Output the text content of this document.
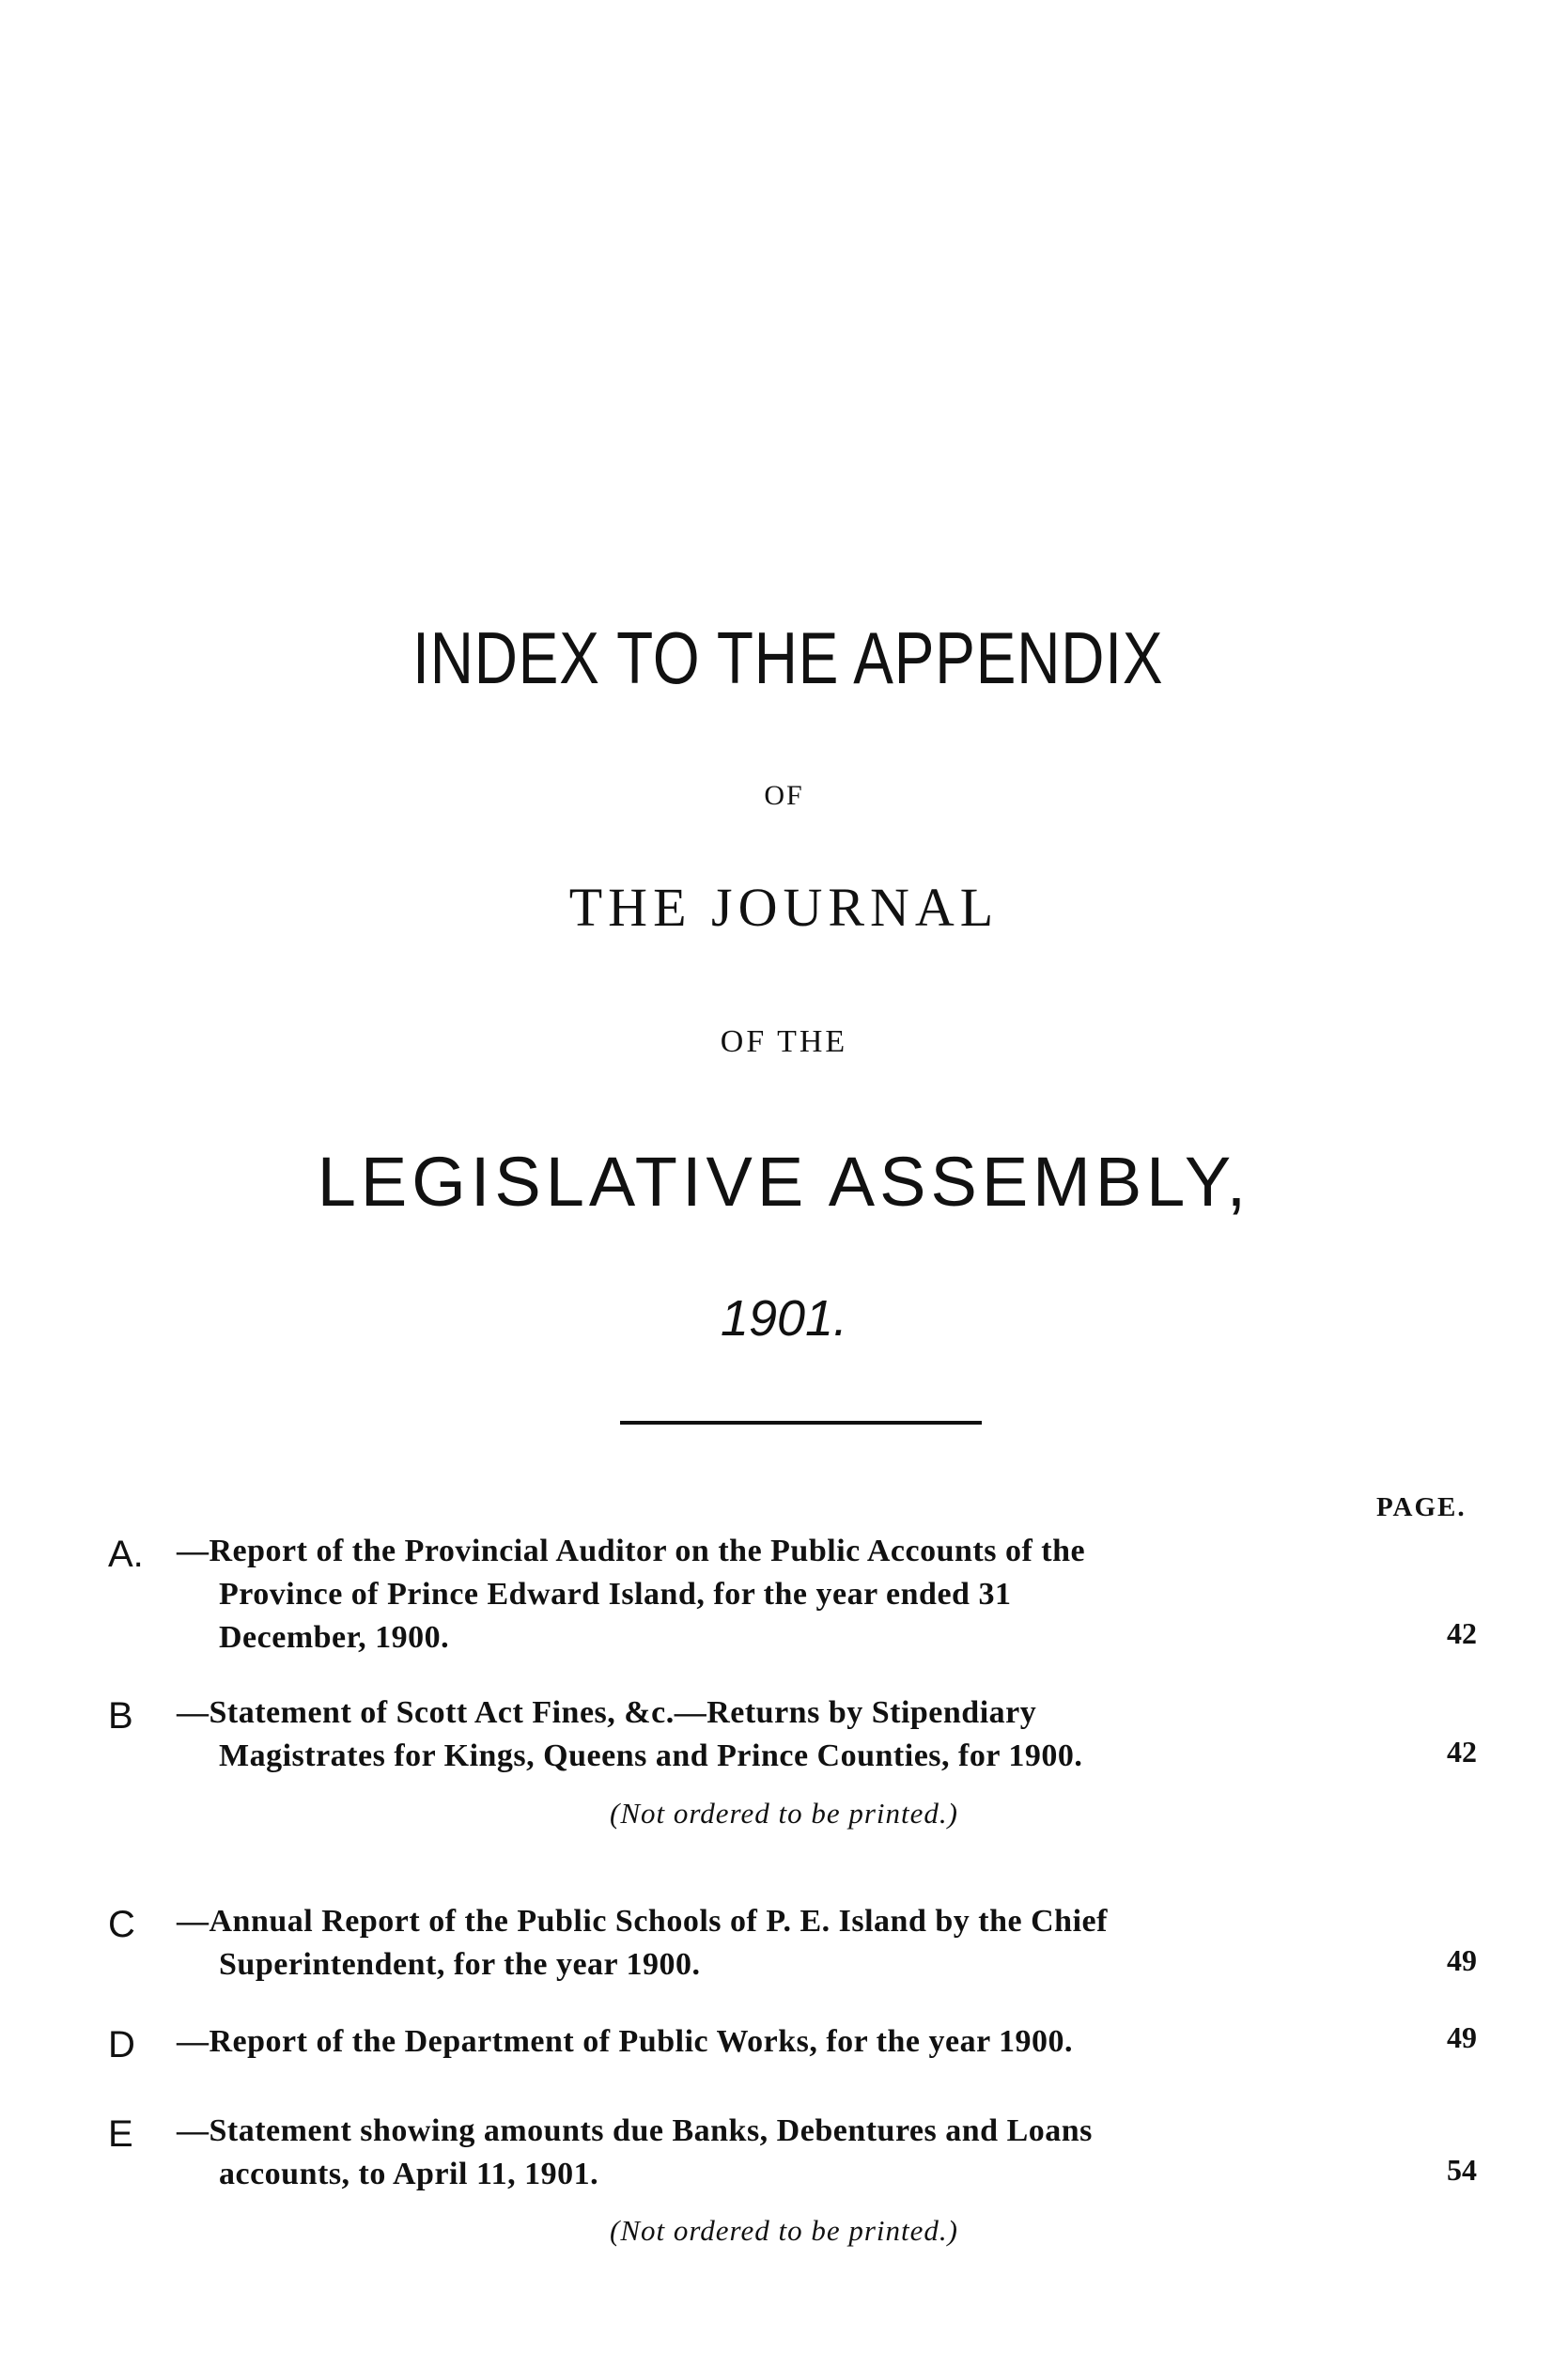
INDEX TO THE APPENDIX
OF
THE JOURNAL
OF THE
LEGISLATIVE ASSEMBLY,
1901.
PAGE.
A. —Report of the Provincial Auditor on the Public Accounts of the
Province of Prince Edward Island, for the year ended 31
December, 1900.	42
B —Statement of Scott Act Fines, &c.—Returns by Stipendiary
Magistrates for Kings, Queens and Prince Counties, for 1900.	42
(Not ordered to be printed.)
C —Annual Report of the Public Schools of P. E. Island by the Chief
Superintendent, for the year 1900.	49
D —Report of the Department of Public Works, for the year 1900.	49
E —Statement showing amounts due Banks, Debentures and Loans
accounts, to April 11, 1901.	54
(Not ordered to be printed.)
